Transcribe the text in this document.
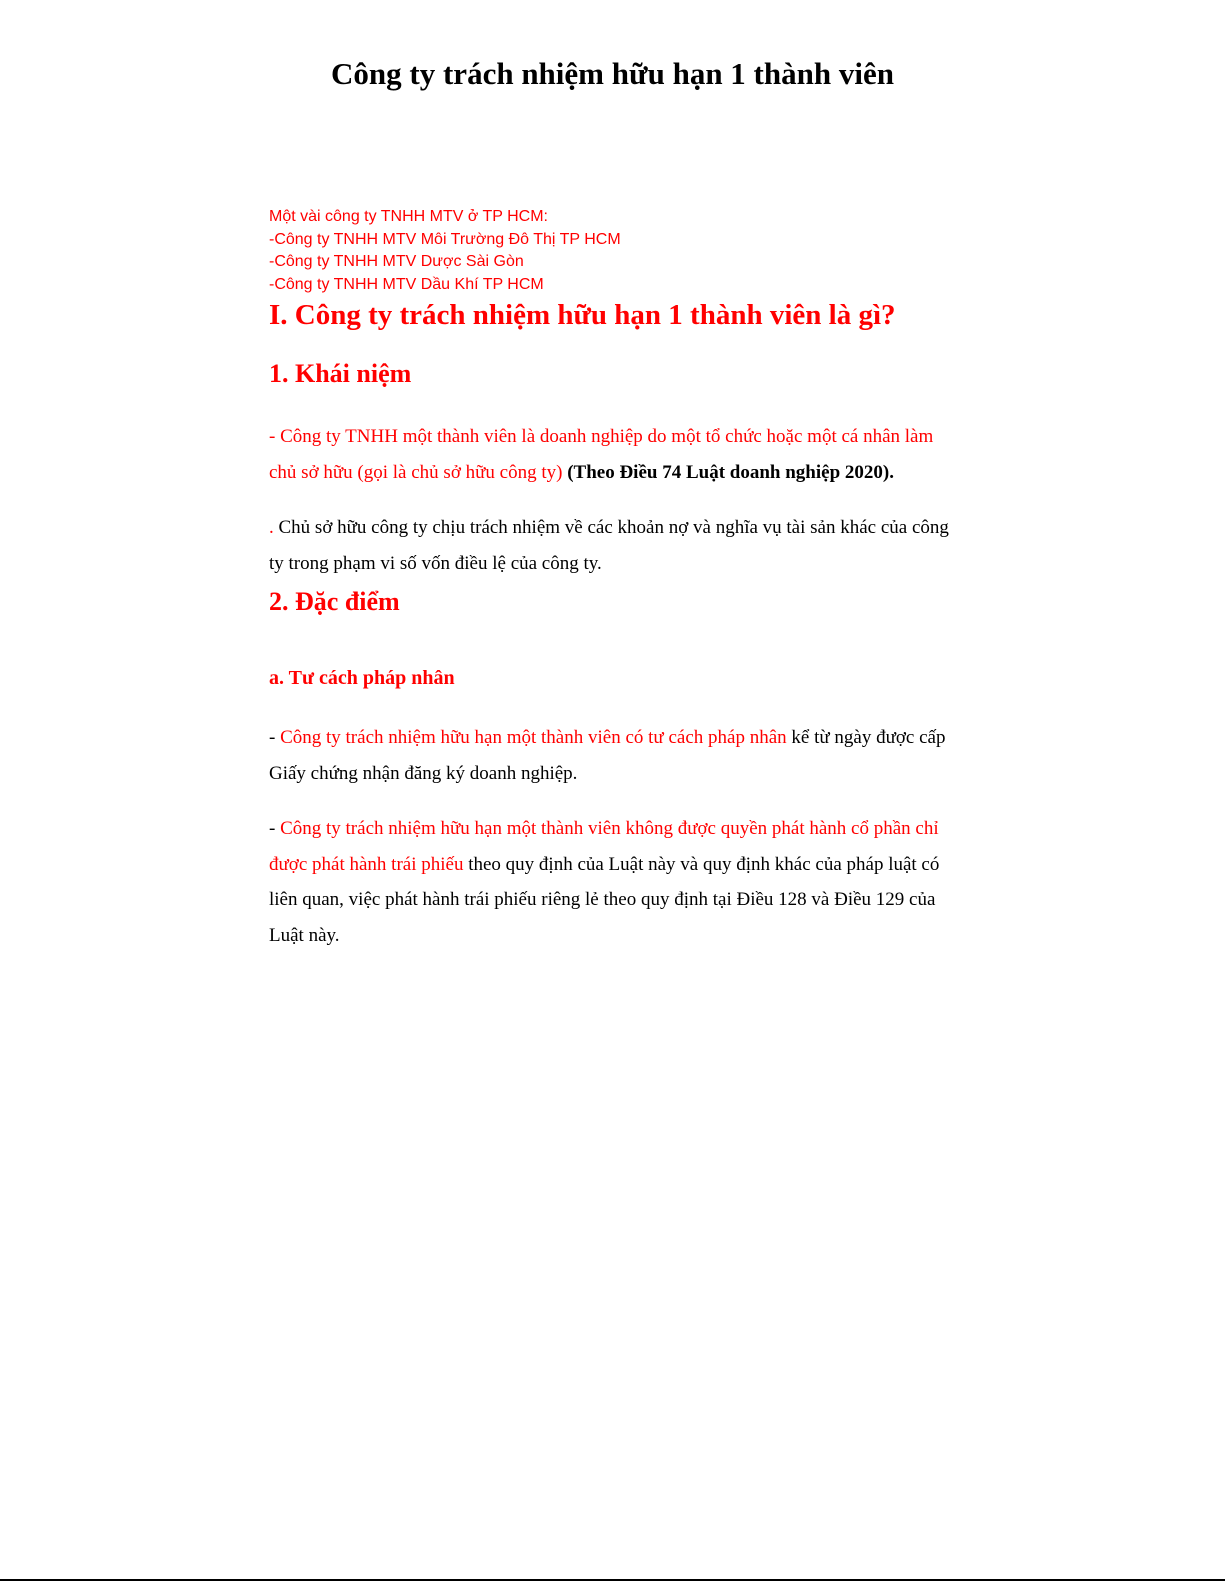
Công ty trách nhiệm hữu hạn 1 thành viên
Một vài công ty TNHH MTV ở TP HCM:
-Công ty TNHH MTV Môi Trường Đô Thị TP HCM
-Công ty TNHH MTV Dược Sài Gòn
-Công ty TNHH MTV Dầu Khí TP HCM
I. Công ty trách nhiệm hữu hạn 1 thành viên là gì?
1. Khái niệm

- Công ty TNHH một thành viên là doanh nghiệp do một tổ chức hoặc một cá nhân làm chủ sở hữu (gọi là chủ sở hữu công ty) (Theo Điều 74 Luật doanh nghiệp 2020).

. Chủ sở hữu công ty chịu trách nhiệm về các khoản nợ và nghĩa vụ tài sản khác của công ty trong phạm vi số vốn điều lệ của công ty.

2. Đặc điểm
a. Tư cách pháp nhân

- Công ty trách nhiệm hữu hạn một thành viên có tư cách pháp nhân kể từ ngày được cấp Giấy chứng nhận đăng ký doanh nghiệp.

- Công ty trách nhiệm hữu hạn một thành viên không được quyền phát hành cổ phần chỉ được phát hành trái phiếu theo quy định của Luật này và quy định khác của pháp luật có liên quan, việc phát hành trái phiếu riêng lẻ theo quy định tại Điều 128 và Điều 129 của Luật này.
